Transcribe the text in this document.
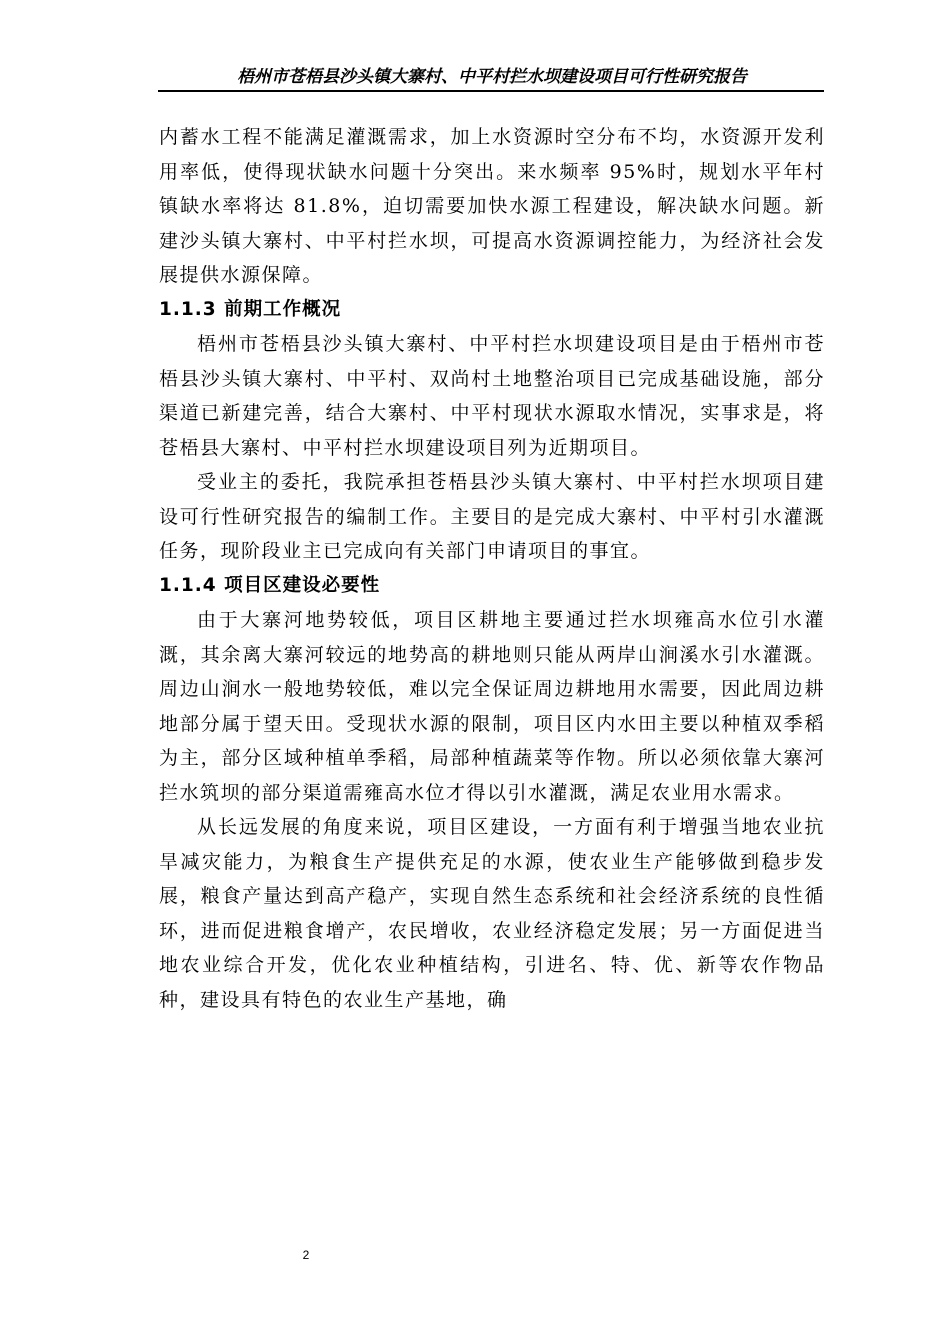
梧州市苍梧县沙头镇大寨村、中平村拦水坝建设项目可行性研究报告

内蓄水工程不能满足灌溉需求，加上水资源时空分布不均，水资源开发利用率低，使得现状缺水问题十分突出。来水频率 95%时，规划水平年村镇缺水率将达 81.8%，迫切需要加快水源工程建设，解决缺水问题。新建沙头镇大寨村、中平村拦水坝，可提高水资源调控能力，为经济社会发展提供水源保障。

1.1.3 前期工作概况

梧州市苍梧县沙头镇大寨村、中平村拦水坝建设项目是由于梧州市苍梧县沙头镇大寨村、中平村、双尚村土地整治项目已完成基础设施，部分渠道已新建完善，结合大寨村、中平村现状水源取水情况，实事求是，将苍梧县大寨村、中平村拦水坝建设项目列为近期项目。

受业主的委托，我院承担苍梧县沙头镇大寨村、中平村拦水坝项目建设可行性研究报告的编制工作。主要目的是完成大寨村、中平村引水灌溉任务，现阶段业主已完成向有关部门申请项目的事宜。

1.1.4 项目区建设必要性

由于大寨河地势较低，项目区耕地主要通过拦水坝雍高水位引水灌溉，其余离大寨河较远的地势高的耕地则只能从两岸山涧溪水引水灌溉。周边山涧水一般地势较低，难以完全保证周边耕地用水需要，因此周边耕地部分属于望天田。受现状水源的限制，项目区内水田主要以种植双季稻为主，部分区域种植单季稻，局部种植蔬菜等作物。所以必须依靠大寨河拦水筑坝的部分渠道需雍高水位才得以引水灌溉，满足农业用水需求。

从长远发展的角度来说，项目区建设，一方面有利于增强当地农业抗旱减灾能力，为粮食生产提供充足的水源，使农业生产能够做到稳步发展，粮食产量达到高产稳产，实现自然生态系统和社会经济系统的良性循环，进而促进粮食增产，农民增收，农业经济稳定发展；另一方面促进当地农业综合开发，优化农业种植结构，引进名、特、优、新等农作物品种，建设具有特色的农业生产基地，确

2
